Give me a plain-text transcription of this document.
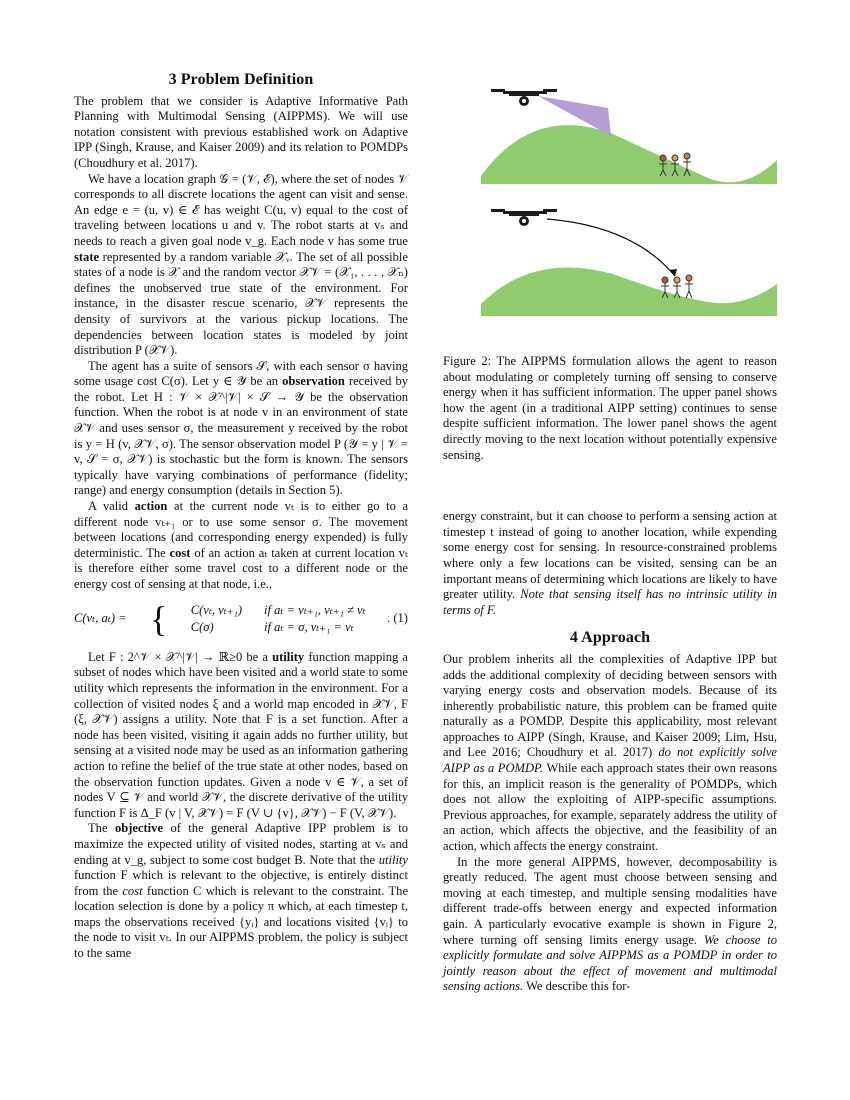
3 Problem Definition

The problem that we consider is Adaptive Informative Path Planning with Multimodal Sensing (AIPPMS). We will use notation consistent with previous established work on Adaptive IPP (Singh, Krause, and Kaiser 2009) and its relation to POMDPs (Choudhury et al. 2017).

We have a location graph 𝒢 = (𝒱, ℰ), where the set of nodes 𝒱 corresponds to all discrete locations the agent can visit and sense. An edge e = (u, v) ∈ ℰ has weight C(u, v) equal to the cost of traveling between locations u and v. The robot starts at vₛ and needs to reach a given goal node v_g. Each node v has some true state represented by a random variable 𝒳ᵥ. The set of all possible states of a node is 𝒳 and the random vector 𝒳𝒱 = (𝒳₁, . . . , 𝒳ₙ) defines the unobserved true state of the environment. For instance, in the disaster rescue scenario, 𝒳𝒱 represents the density of survivors at the various pickup locations. The dependencies between location states is modeled by joint distribution P (𝒳𝒱).

The agent has a suite of sensors 𝒮, with each sensor σ having some usage cost C(σ). Let y ∈ 𝒴 be an observation received by the robot. Let H : 𝒱 × 𝒳^|𝒱| × 𝒮 → 𝒴 be the observation function. When the robot is at node v in an environment of state 𝒳𝒱 and uses sensor σ, the measurement y received by the robot is y = H (v, 𝒳𝒱, σ). The sensor observation model P (𝒴 = y | 𝒱 = v, 𝒮 = σ, 𝒳𝒱) is stochastic but the form is known. The sensors typically have varying combinations of performance (fidelity; range) and energy consumption (details in Section 5).

A valid action at the current node vₜ is to either go to a different node vₜ₊₁ or to use some sensor σ. The movement between locations (and corresponding energy expended) is fully deterministic. The cost of an action aₜ taken at current location vₜ is therefore either some travel cost to a different node or the energy cost of sensing at that node, i.e.,

C(vₜ, aₜ) = { C(vₜ, vₜ₊₁) if aₜ = vₜ₊₁, vₜ₊₁ ≠ vₜ
C(σ)	if aₜ = σ, vₜ₊₁ = vₜ
. (1)

Let F : 2^𝒱 × 𝒳^|𝒱| → ℝ≥0 be a utility function mapping a subset of nodes which have been visited and a world state to some utility which represents the information in the environment. For a collection of visited nodes ξ and a world map encoded in 𝒳𝒱, F (ξ, 𝒳𝒱) assigns a utility. Note that F is a set function. After a node has been visited, visiting it again adds no further utility, but sensing at a visited node may be used as an information gathering action to refine the belief of the true state at other nodes, based on the observation function updates. Given a node v ∈ 𝒱, a set of nodes V ⊆ 𝒱 and world 𝒳𝒱, the discrete derivative of the utility function F is Δ_F (v | V, 𝒳𝒱) = F (V ∪ {v}, 𝒳𝒱) − F (V, 𝒳𝒱).

The objective of the general Adaptive IPP problem is to maximize the expected utility of visited nodes, starting at vₛ and ending at v_g, subject to some cost budget B. Note that the utility function F which is relevant to the objective, is entirely distinct from the cost function C which is relevant to the constraint. The location selection is done by a policy π which, at each timestep t, maps the observations received {yᵢ} and locations visited {vᵢ} to the node to visit vₜ. In our AIPPMS problem, the policy is subject to the same

Figure 2: The AIPPMS formulation allows the agent to reason about modulating or completely turning off sensing to conserve energy when it has sufficient information. The upper panel shows how the agent (in a traditional AIPP setting) continues to sense despite sufficient information. The lower panel shows the agent directly moving to the next location without potentially expensive sensing.

energy constraint, but it can choose to perform a sensing action at timestep t instead of going to another location, while expending some energy cost for sensing. In resource-constrained problems where only a few locations can be visited, sensing can be an important means of determining which locations are likely to have greater utility. Note that sensing itself has no intrinsic utility in terms of F.

4 Approach

Our problem inherits all the complexities of Adaptive IPP but adds the additional complexity of deciding between sensors with varying energy costs and observation models. Because of its inherently probabilistic nature, this problem can be framed quite naturally as a POMDP. Despite this applicability, most relevant approaches to AIPP (Singh, Krause, and Kaiser 2009; Lim, Hsu, and Lee 2016; Choudhury et al. 2017) do not explicitly solve AIPP as a POMDP. While each approach states their own reasons for this, an implicit reason is the generality of POMDPs, which does not allow the exploiting of AIPP-specific assumptions. Previous approaches, for example, separately address the utility of an action, which affects the objective, and the feasibility of an action, which affects the energy constraint.

In the more general AIPPMS, however, decomposability is greatly reduced. The agent must choose between sensing and moving at each timestep, and multiple sensing modalities have different trade-offs between energy and expected information gain. A particularly evocative example is shown in Figure 2, where turning off sensing limits energy usage. We choose to explicitly formulate and solve AIPPMS as a POMDP in order to jointly reason about the effect of movement and multimodal sensing actions. We describe this for-
